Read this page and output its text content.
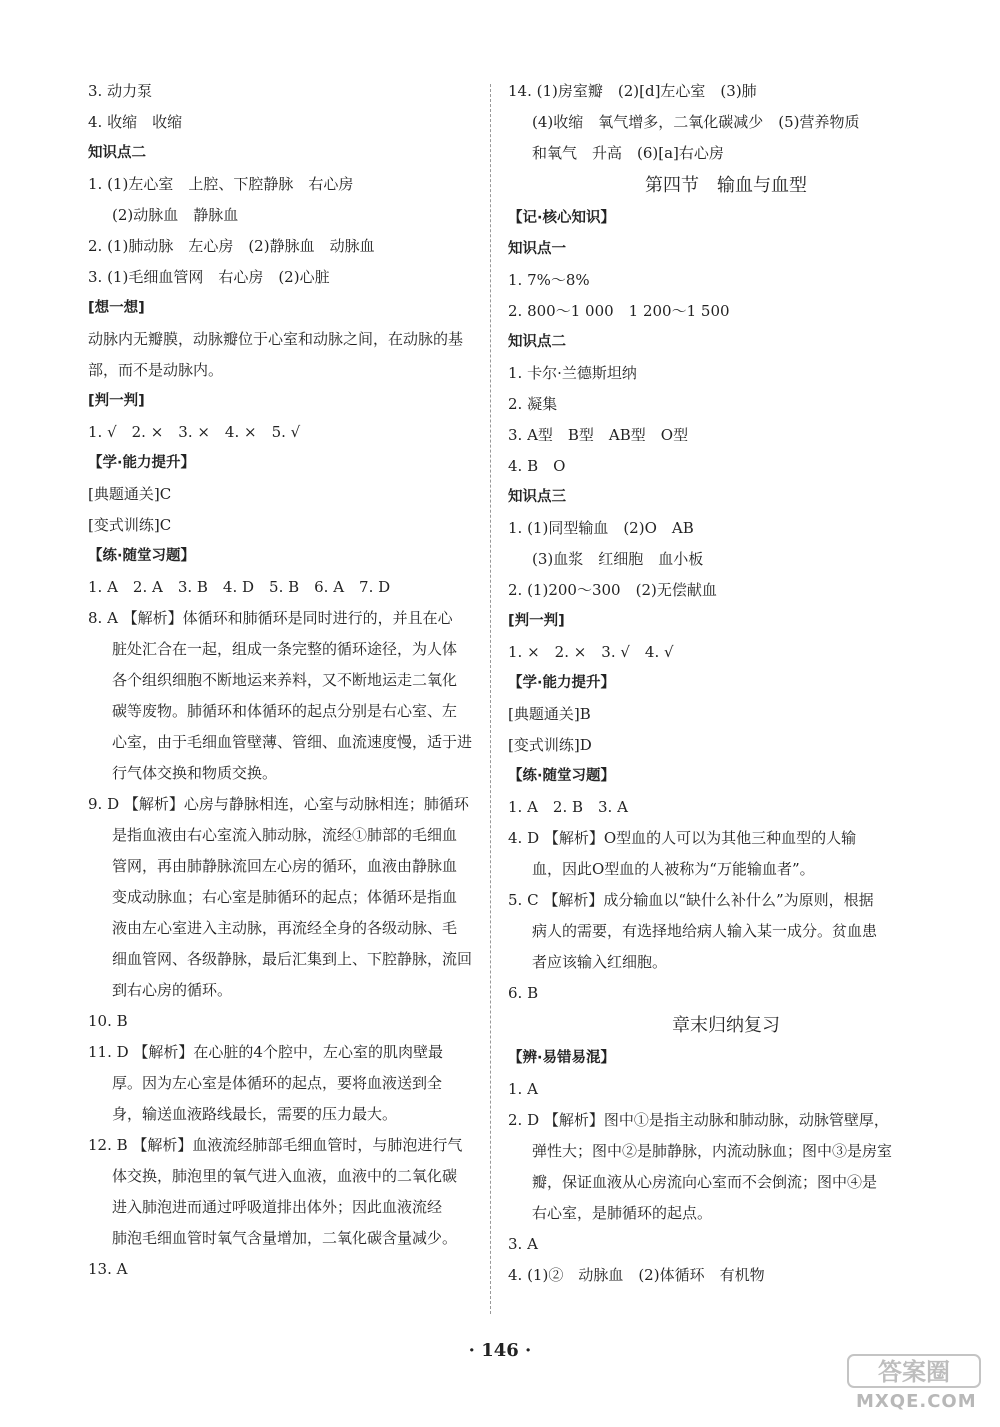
3. 动力泵
4. 收缩　收缩
知识点二
1. (1)左心室　上腔、下腔静脉　右心房
(2)动脉血　静脉血
2. (1)肺动脉　左心房　(2)静脉血　动脉血
3. (1)毛细血管网　右心房　(2)心脏
[想一想]
动脉内无瓣膜，动脉瓣位于心室和动脉之间，在动脉的基
部，而不是动脉内。
[判一判]
1. √　2. ×　3. ×　4. ×　5. √
【学·能力提升】
[典题通关]C
[变式训练]C
【练·随堂习题】
1. A　2. A　3. B　4. D　5. B　6. A　7. D
8. A 【解析】体循环和肺循环是同时进行的，并且在心
脏处汇合在一起，组成一条完整的循环途径，为人体
各个组织细胞不断地运来养料，又不断地运走二氧化
碳等废物。肺循环和体循环的起点分别是右心室、左
心室，由于毛细血管壁薄、管细、血流速度慢，适于进
行气体交换和物质交换。
9. D 【解析】心房与静脉相连，心室与动脉相连；肺循环
是指血液由右心室流入肺动脉，流经①肺部的毛细血
管网，再由肺静脉流回左心房的循环，血液由静脉血
变成动脉血；右心室是肺循环的起点；体循环是指血
液由左心室进入主动脉，再流经全身的各级动脉、毛
细血管网、各级静脉，最后汇集到上、下腔静脉，流回
到右心房的循环。
10. B
11. D 【解析】在心脏的4个腔中，左心室的肌肉壁最
厚。因为左心室是体循环的起点，要将血液送到全
身，输送血液路线最长，需要的压力最大。
12. B 【解析】血液流经肺部毛细血管时，与肺泡进行气
体交换，肺泡里的氧气进入血液，血液中的二氧化碳
进入肺泡进而通过呼吸道排出体外；因此血液流经
肺泡毛细血管时氧气含量增加，二氧化碳含量减少。
13. A
14. (1)房室瓣　(2)[d]左心室　(3)肺
(4)收缩　氧气增多，二氧化碳减少　(5)营养物质
和氧气　升高　(6)[a]右心房
第四节　输血与血型
【记·核心知识】
知识点一
1. 7%～8%
2. 800～1 000　1 200～1 500
知识点二
1. 卡尔·兰德斯坦纳
2. 凝集
3. A型　B型　AB型　O型
4. B　O
知识点三
1. (1)同型输血　(2)O　AB
(3)血浆　红细胞　血小板
2. (1)200～300　(2)无偿献血
[判一判]
1. ×　2. ×　3. √　4. √
【学·能力提升】
[典题通关]B
[变式训练]D
【练·随堂习题】
1. A　2. B　3. A
4. D 【解析】O型血的人可以为其他三种血型的人输
血，因此O型血的人被称为“万能输血者”。
5. C 【解析】成分输血以“缺什么补什么”为原则，根据
病人的需要，有选择地给病人输入某一成分。贫血患
者应该输入红细胞。
6. B
章末归纳复习
【辨·易错易混】
1. A
2. D 【解析】图中①是指主动脉和肺动脉，动脉管壁厚，
弹性大；图中②是肺静脉，内流动脉血；图中③是房室
瓣，保证血液从心房流向心室而不会倒流；图中④是
右心室，是肺循环的起点。
3. A
4. (1)②　动脉血　(2)体循环　有机物
· 146 ·
答案圈
MXQE.COM
